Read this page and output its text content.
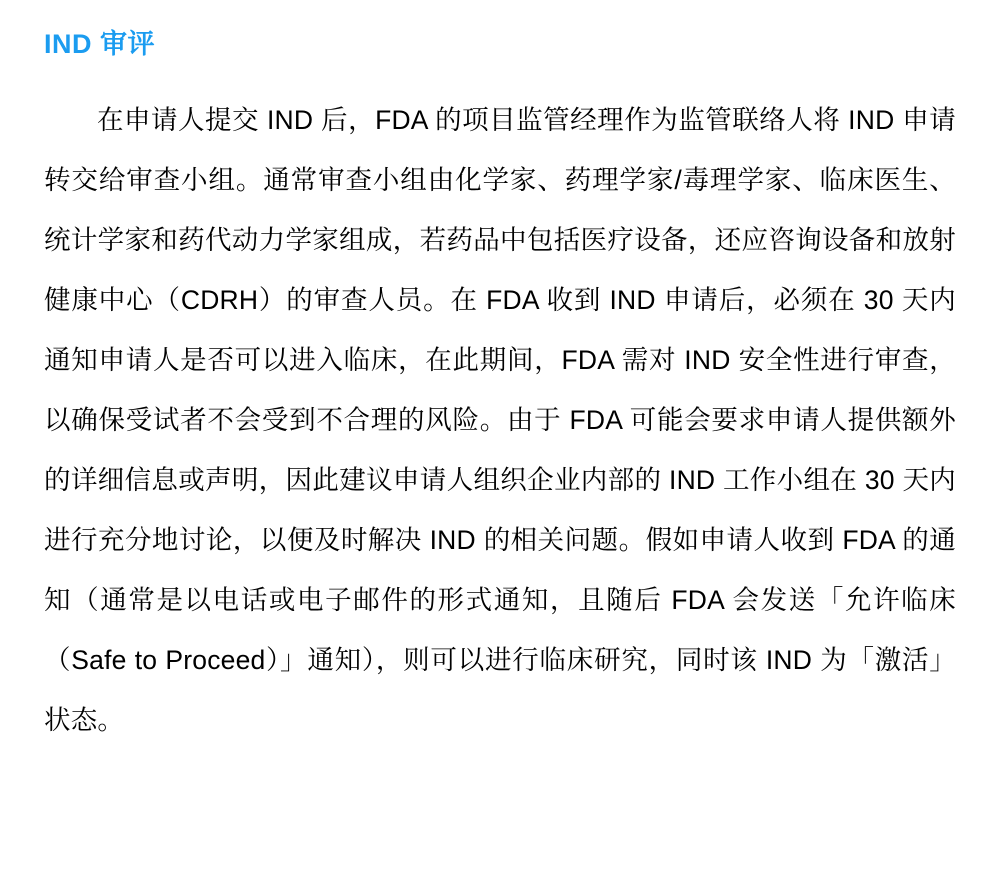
IND 审评

在申请人提交 IND 后，FDA 的项目监管经理作为监管联络人将 IND 申请转交给审查小组。通常审查小组由化学家、药理学家/毒理学家、临床医生、统计学家和药代动力学家组成，若药品中包括医疗设备，还应咨询设备和放射健康中心（CDRH）的审查人员。在 FDA 收到 IND 申请后，必须在 30 天内通知申请人是否可以进入临床，在此期间，FDA 需对 IND 安全性进行审查，以确保受试者不会受到不合理的风险。由于 FDA 可能会要求申请人提供额外的详细信息或声明，因此建议申请人组织企业内部的 IND 工作小组在 30 天内进行充分地讨论，以便及时解决 IND 的相关问题。假如申请人收到 FDA 的通知（通常是以电话或电子邮件的形式通知，且随后 FDA 会发送「允许临床（Safe to Proceed）」通知），则可以进行临床研究，同时该 IND 为「激活」状态。
